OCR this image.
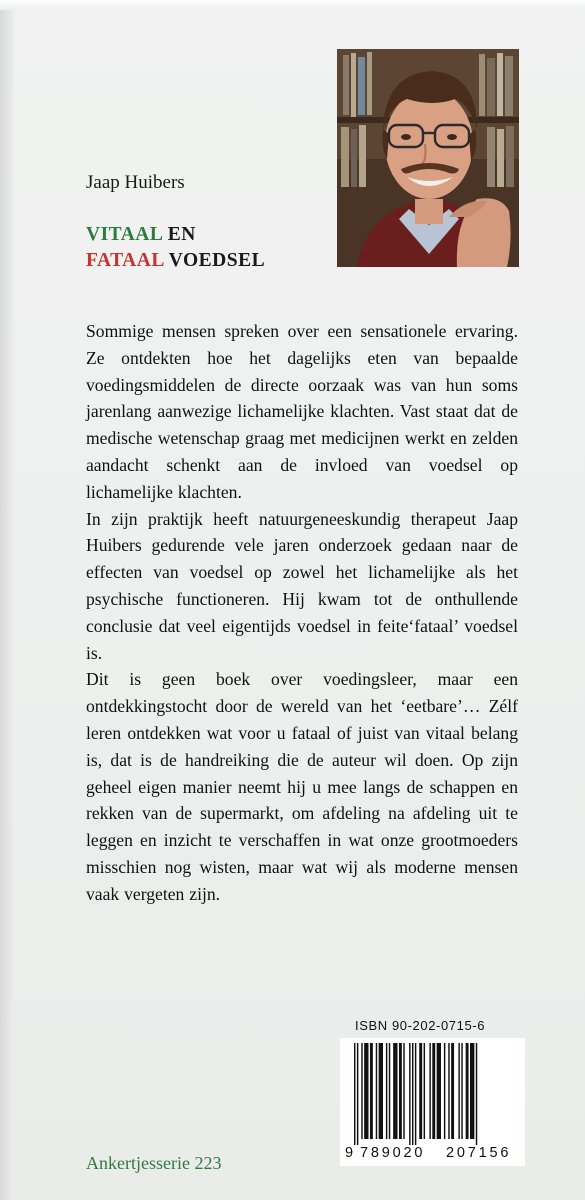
Jaap Huibers
VITAAL EN
FATAAL VOEDSEL

Sommige mensen spreken over een sensationele ervaring. Ze ontdekten hoe het dagelijks eten van bepaalde voedingsmiddelen de directe oorzaak was van hun soms jarenlang aanwezige lichamelijke klachten. Vast staat dat de medische wetenschap graag met medicijnen werkt en zelden aandacht schenkt aan de invloed van voedsel op lichamelijke klachten.

In zijn praktijk heeft natuurgeneeskundig therapeut Jaap Huibers gedurende vele jaren onderzoek gedaan naar de effecten van voedsel op zowel het lichamelijke als het psychische functioneren. Hij kwam tot de onthullende conclusie dat veel eigentijds voedsel in feite‘fataal’ voedsel is.

Dit is geen boek over voedingsleer, maar een ontdekkingstocht door de wereld van het ‘eetbare’… Zélf leren ontdekken wat voor u fataal of juist van vitaal belang is, dat is de handreiking die de auteur wil doen. Op zijn geheel eigen manier neemt hij u mee langs de schappen en rekken van de supermarkt, om afdeling na afdeling uit te leggen en inzicht te verschaffen in wat onze grootmoeders misschien nog wisten, maar wat wij als moderne mensen vaak vergeten zijn.

ISBN 90-202-0715-6
9 789020 207156
Ankertjesserie 223
